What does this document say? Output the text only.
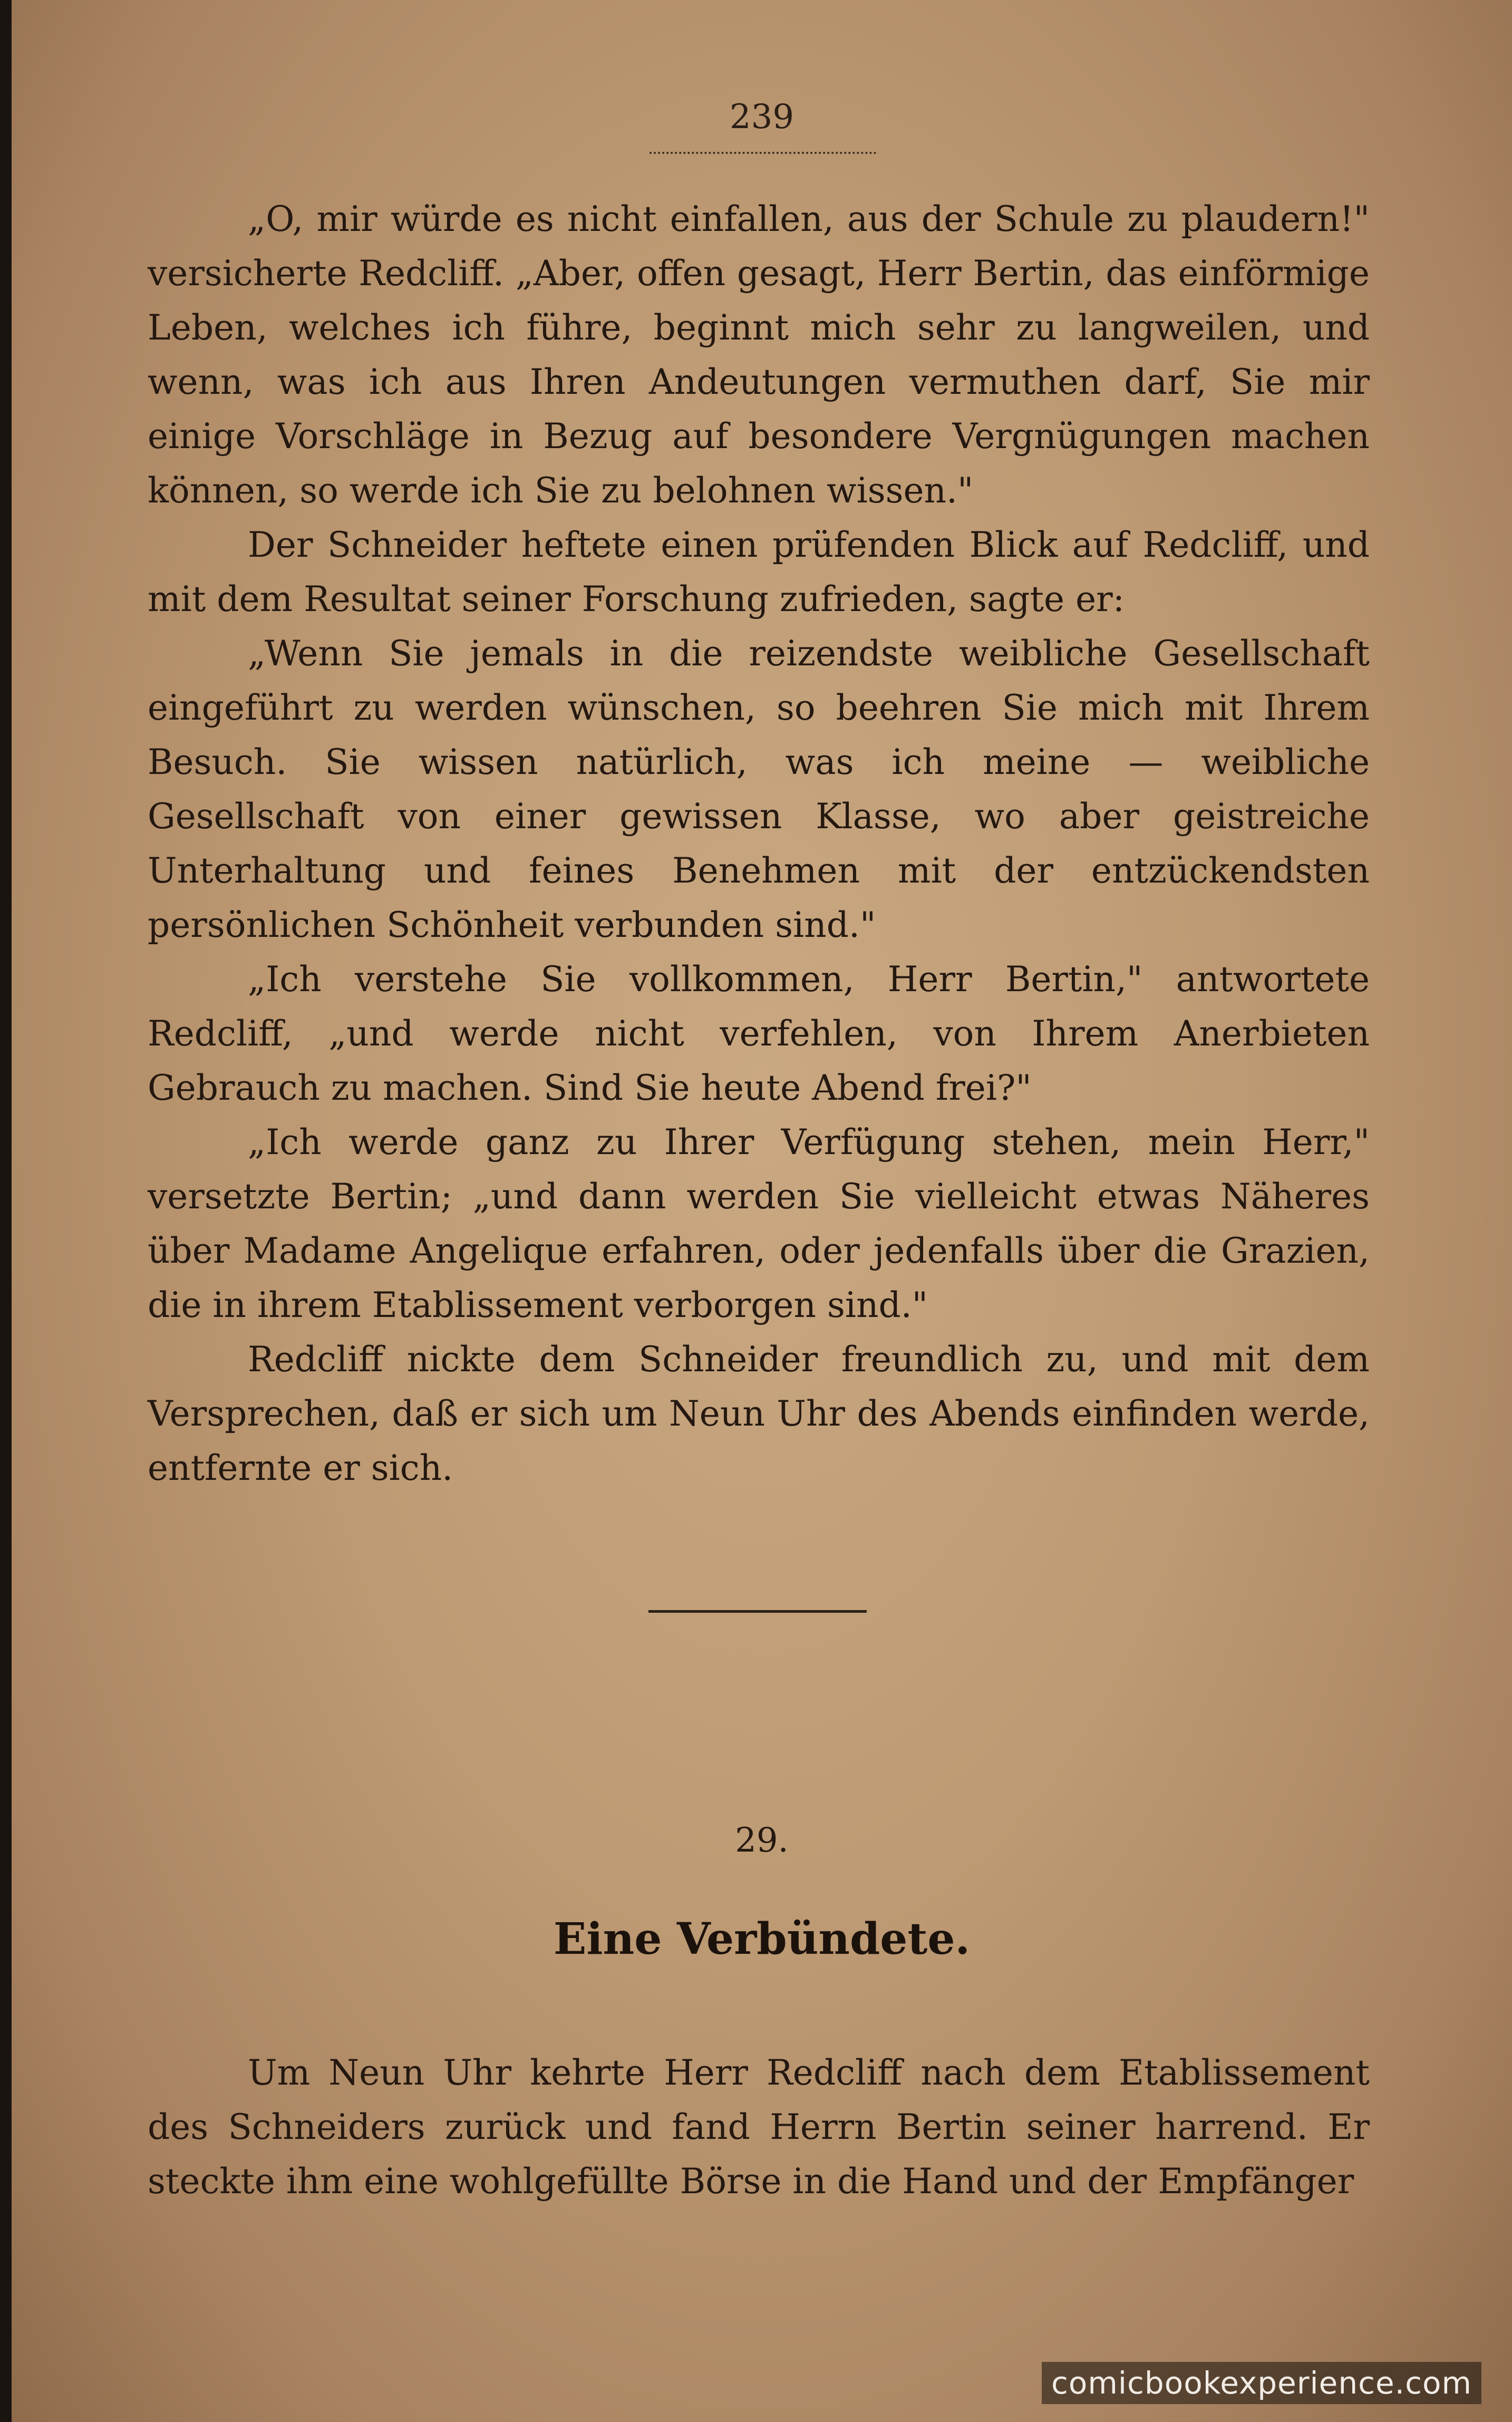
239

„O, mir würde es nicht einfallen, aus der Schule zu plaudern!" versicherte Redcliff. „Aber, offen gesagt, Herr Bertin, das einförmige Leben, welches ich führe, beginnt mich sehr zu langweilen, und wenn, was ich aus Ihren Andeutungen vermuthen darf, Sie mir einige Vorschläge in Bezug auf besondere Vergnügungen machen können, so werde ich Sie zu belohnen wissen."

Der Schneider heftete einen prüfenden Blick auf Redcliff, und mit dem Resultat seiner Forschung zufrieden, sagte er:

„Wenn Sie jemals in die reizendste weibliche Gesellschaft eingeführt zu werden wünschen, so beehren Sie mich mit Ihrem Besuch. Sie wissen natürlich, was ich meine — weibliche Gesellschaft von einer gewissen Klasse, wo aber geistreiche Unterhaltung und feines Benehmen mit der entzückendsten persönlichen Schönheit verbunden sind."

„Ich verstehe Sie vollkommen, Herr Bertin," antwortete Redcliff, „und werde nicht verfehlen, von Ihrem Anerbieten Gebrauch zu machen. Sind Sie heute Abend frei?"

„Ich werde ganz zu Ihrer Verfügung stehen, mein Herr," versetzte Bertin; „und dann werden Sie vielleicht etwas Näheres über Madame Angelique erfahren, oder jedenfalls über die Grazien, die in ihrem Etablissement verborgen sind."

Redcliff nickte dem Schneider freundlich zu, und mit dem Versprechen, daß er sich um Neun Uhr des Abends einfinden werde, entfernte er sich.

29.
Eine Verbündete.

Um Neun Uhr kehrte Herr Redcliff nach dem Etablissement des Schneiders zurück und fand Herrn Bertin seiner harrend. Er steckte ihm eine wohlgefüllte Börse in die Hand und der Empfänger

comicbookexperience.com
